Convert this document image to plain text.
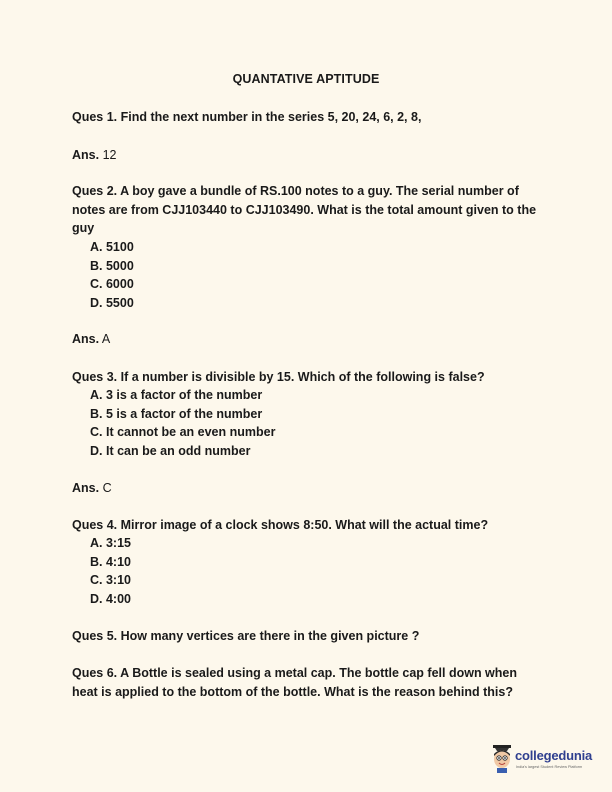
QUANTATIVE APTITUDE
Ques 1. Find the next number in the series 5, 20, 24, 6, 2, 8,
Ans. 12
Ques 2. A boy gave a bundle of RS.100 notes to a guy. The serial number of notes are from CJJ103440 to CJJ103490. What is the total amount given to the guy
A. 5100
B. 5000
C. 6000
D. 5500
Ans. A
Ques 3. If a number is divisible by 15. Which of the following is false?
A. 3 is a factor of the number
B. 5 is a factor of the number
C. It cannot be an even number
D. It can be an odd number
Ans. C
Ques 4. Mirror image of a clock shows 8:50. What will the actual time?
A. 3:15
B. 4:10
C. 3:10
D. 4:00
Ques 5. How many vertices are there in the given picture ?
Ques 6. A Bottle is sealed using a metal cap. The bottle cap fell down when heat is applied to the bottom of the bottle. What is the reason behind this?
collegedunia
India's largest Student Review Platform
